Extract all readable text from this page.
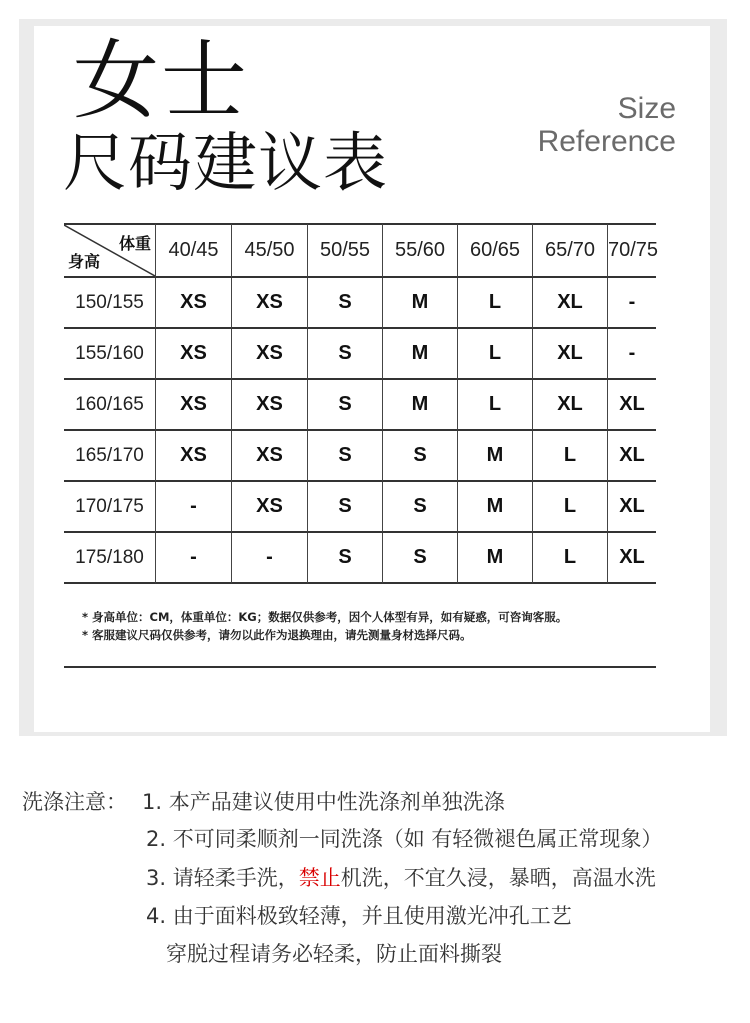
女士
尺码建议表
Size
Reference
体重
身高	40/45	45/50	50/55	55/60	60/65	65/70	70/75
150/155	XS	XS	S	M	L	XL	-
155/160	XS	XS	S	M	L	XL	-
160/165	XS	XS	S	M	L	XL	XL
165/170	XS	XS	S	S	M	L	XL
170/175	-	XS	S	S	M	L	XL
175/180	-	-	S	S	M	L	XL
* 身高单位：CM，体重单位：KG；数据仅供参考，因个人体型有异，如有疑惑，可咨询客服。
* 客服建议尺码仅供参考，请勿以此作为退换理由，请先测量身材选择尺码。
洗涤注意： 1. 本产品建议使用中性洗涤剂单独洗涤
2. 不可同柔顺剂一同洗涤（如 有轻微褪色属正常现象）
3. 请轻柔手洗，禁止机洗，不宜久浸，暴晒，高温水洗
4. 由于面料极致轻薄，并且使用激光冲孔工艺
穿脱过程请务必轻柔，防止面料撕裂
